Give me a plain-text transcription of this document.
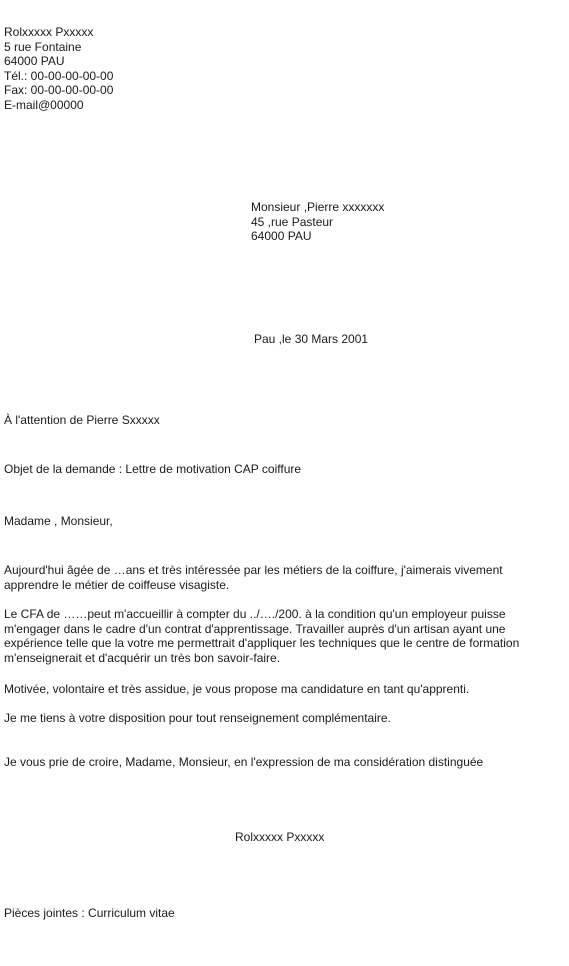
Rolxxxxx Pxxxxx
5 rue Fontaine
64000 PAU
Tél.: 00-00-00-00-00
Fax: 00-00-00-00-00
E-mail@00000
Monsieur ,Pierre xxxxxxx
45 ,rue Pasteur
64000 PAU
Pau ,le 30 Mars 2001
À l'attention de Pierre Sxxxxx
Objet de la demande : Lettre de motivation CAP coiffure
Madame , Monsieur,
Aujourd'hui âgée de …ans et très intéressée par les métiers de la coiffure, j'aimerais vivement
apprendre le métier de coiffeuse visagiste.
Le CFA de ……peut m'accueillir à compter du ../…./200. à la condition qu'un employeur puisse
m'engager dans le cadre d'un contrat d'apprentissage. Travailler auprès d'un artisan ayant une
expérience telle que la votre me permettrait d'appliquer les techniques que le centre de formation
m'enseignerait et d'acquérir un très bon savoir-faire.
Motivée, volontaire et très assidue, je vous propose ma candidature en tant qu'apprenti.
Je me tiens à votre disposition pour tout renseignement complémentaire.
Je vous prie de croire, Madame, Monsieur, en l'expression de ma considération distinguée
Rolxxxxx Pxxxxx
Pièces jointes : Curriculum vitae
